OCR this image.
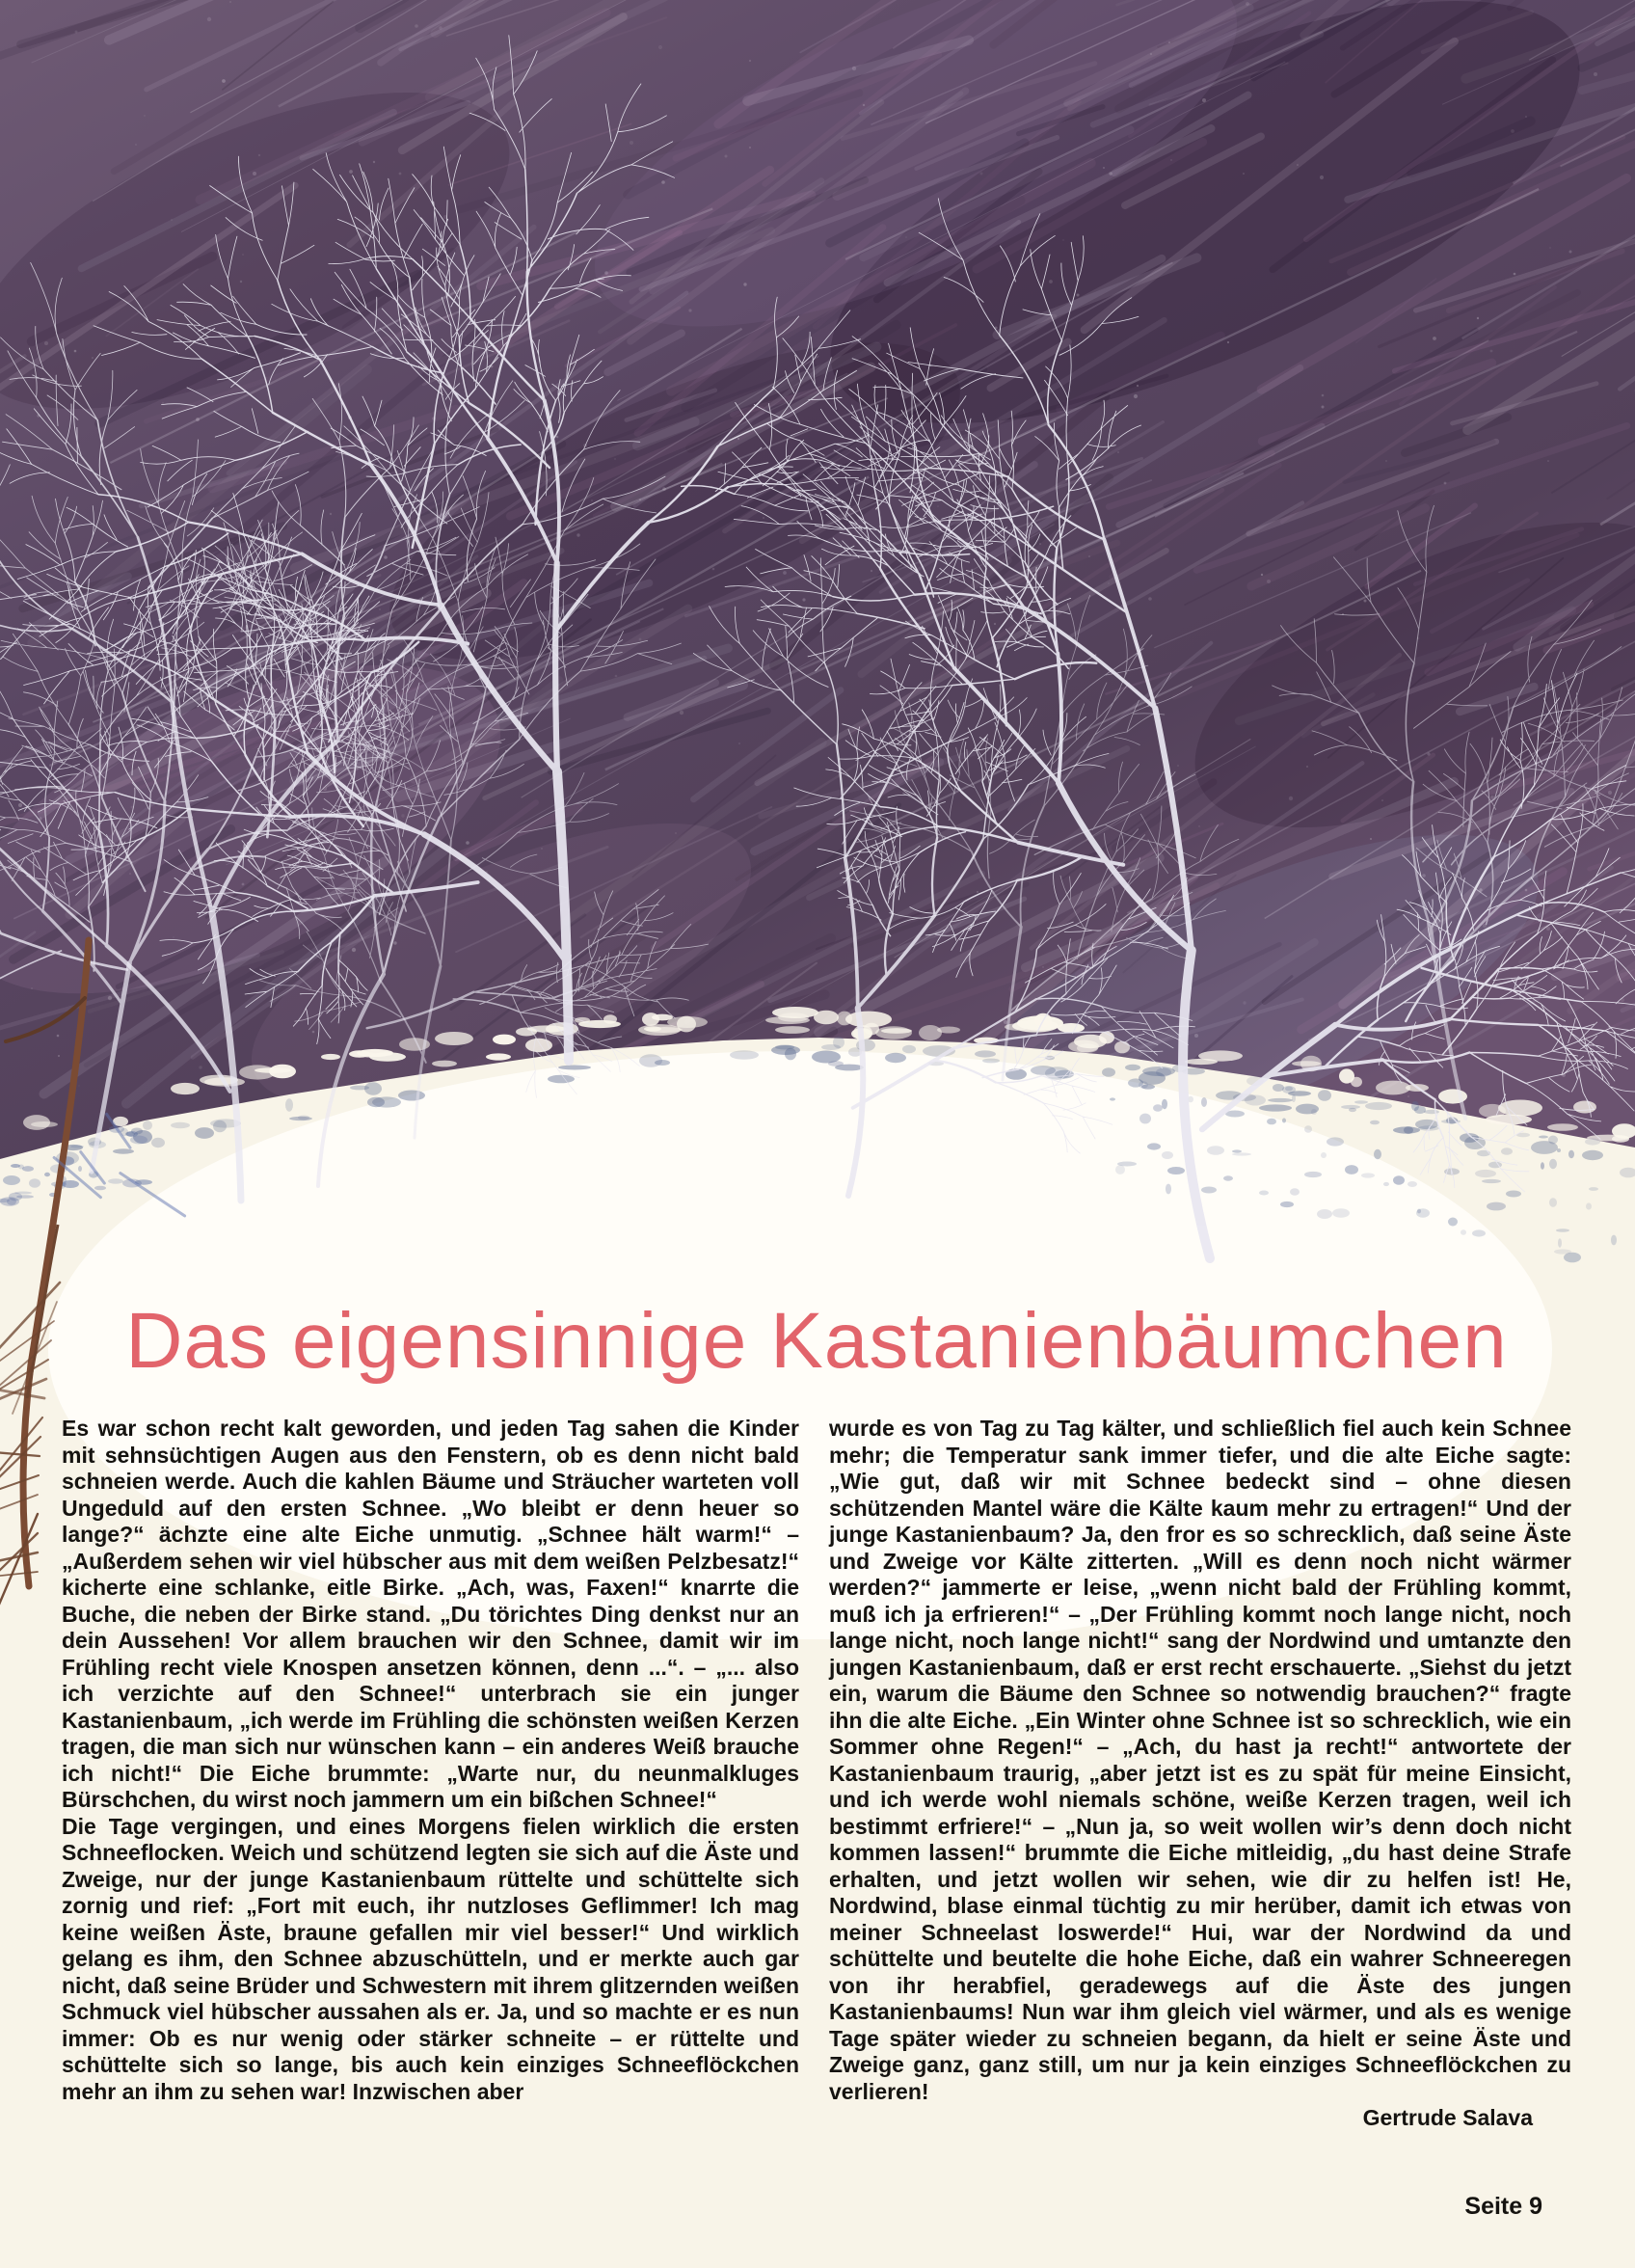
Das eigensinnige Kastanienbäumchen

Es war schon recht kalt geworden, und jeden Tag sahen die Kinder mit sehnsüchtigen Augen aus den Fenstern, ob es denn nicht bald schneien werde. Auch die kahlen Bäume und Sträucher warteten voll Ungeduld auf den ersten Schnee. „Wo bleibt er denn heuer so lange?“ ächzte eine alte Eiche unmutig. „Schnee hält warm!“ – „Außerdem sehen wir viel hübscher aus mit dem weißen Pelzbesatz!“ kicherte eine schlanke, eitle Birke. „Ach, was, Faxen!“ knarrte die Buche, die neben der Birke stand. „Du törichtes Ding denkst nur an dein Aussehen! Vor allem brauchen wir den Schnee, damit wir im Frühling recht viele Knospen ansetzen können, denn ...“. – „... also ich verzichte auf den Schnee!“ unterbrach sie ein junger Kastanienbaum, „ich werde im Frühling die schönsten weißen Kerzen tragen, die man sich nur wünschen kann – ein anderes Weiß brauche ich nicht!“ Die Eiche brummte: „Warte nur, du neunmalkluges Bürschchen, du wirst noch jammern um ein bißchen Schnee!“

Die Tage vergingen, und eines Morgens fielen wirklich die ersten Schneeflocken. Weich und schützend legten sie sich auf die Äste und Zweige, nur der junge Kastanienbaum rüttelte und schüttelte sich zornig und rief: „Fort mit euch, ihr nutzloses Geflimmer! Ich mag keine weißen Äste, braune gefallen mir viel besser!“ Und wirklich gelang es ihm, den Schnee abzuschütteln, und er merkte auch gar nicht, daß seine Brüder und Schwestern mit ihrem glitzernden weißen Schmuck viel hübscher aussahen als er. Ja, und so machte er es nun immer: Ob es nur wenig oder stärker schneite – er rüttelte und schüttelte sich so lange, bis auch kein einziges Schneeflöckchen mehr an ihm zu sehen war! Inzwischen aber

wurde es von Tag zu Tag kälter, und schließlich fiel auch kein Schnee mehr; die Temperatur sank immer tiefer, und die alte Eiche sagte: „Wie gut, daß wir mit Schnee bedeckt sind – ohne diesen schützenden Mantel wäre die Kälte kaum mehr zu ertragen!“ Und der junge Kastanienbaum? Ja, den fror es so schrecklich, daß seine Äste und Zweige vor Kälte zitterten. „Will es denn noch nicht wärmer werden?“ jammerte er leise, „wenn nicht bald der Frühling kommt, muß ich ja erfrieren!“ – „Der Frühling kommt noch lange nicht, noch lange nicht, noch lange nicht!“ sang der Nordwind und umtanzte den jungen Kastanienbaum, daß er erst recht erschauerte. „Siehst du jetzt ein, warum die Bäume den Schnee so notwendig brauchen?“ fragte ihn die alte Eiche. „Ein Winter ohne Schnee ist so schrecklich, wie ein Sommer ohne Regen!“ – „Ach, du hast ja recht!“ antwortete der Kastanienbaum traurig, „aber jetzt ist es zu spät für meine Einsicht, und ich werde wohl niemals schöne, weiße Kerzen tragen, weil ich bestimmt erfriere!“ – „Nun ja, so weit wollen wir’s denn doch nicht kommen lassen!“ brummte die Eiche mitleidig, „du hast deine Strafe erhalten, und jetzt wollen wir sehen, wie dir zu helfen ist! He, Nordwind, blase einmal tüchtig zu mir herüber, damit ich etwas von meiner Schneelast loswerde!“ Hui, war der Nordwind da und schüttelte und beutelte die hohe Eiche, daß ein wahrer Schneeregen von ihr herabfiel, geradewegs auf die Äste des jungen Kastanienbaums! Nun war ihm gleich viel wärmer, und als es wenige Tage später wieder zu schneien begann, da hielt er seine Äste und Zweige ganz, ganz still, um nur ja kein einziges Schneeflöckchen zu verlieren!

Gertrude Salava

Seite 9
